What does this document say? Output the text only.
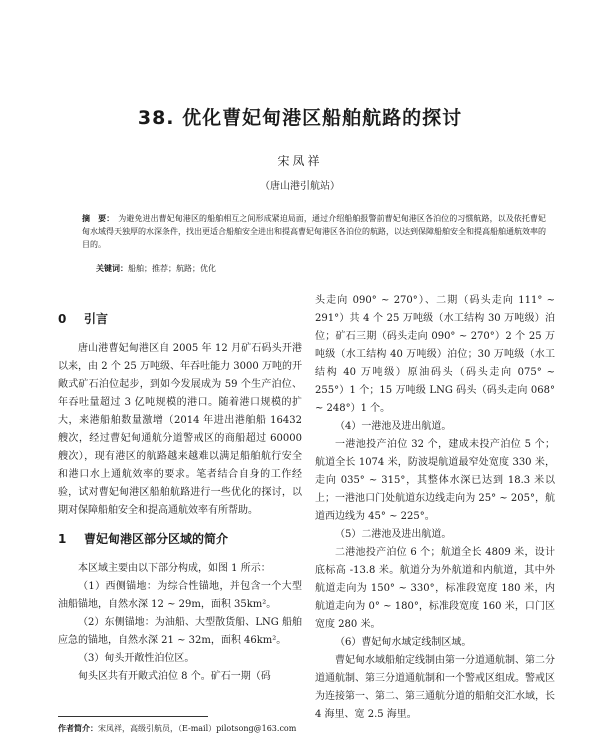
38. 优化曹妃甸港区船舶航路的探讨
宋凤祥
（唐山港引航站）
摘　要： 为避免进出曹妃甸港区的船舶相互之间形成紧迫局面，通过介绍船舶报警前曹妃甸港区各泊位的习惯航路，以及依托曹妃甸水域得天独厚的水深条件，找出更适合船舶安全进出和提高曹妃甸港区各泊位的航路，以达到保障船舶安全和提高船舶通航效率的目的。
关键词：船舶；推荐；航路；优化

0 引言

唐山港曹妃甸港区自 2005 年 12 月矿石码头开港以来，由 2 个 25 万吨级、年吞吐能力 3000 万吨的开敞式矿石泊位起步，到如今发展成为 59 个生产泊位、年吞吐量超过 3 亿吨规模的港口。随着港口规模的扩大，来港船舶数量激增（2014 年进出港舶船 16432 艘次，经过曹妃甸通航分道警戒区的商船超过 60000 艘次），现有港区的航路越来越难以满足船舶航行安全和港口水上通航效率的要求。笔者结合自身的工作经验，试对曹妃甸港区船舶航路进行一些优化的探讨，以期对保障船舶安全和提高通航效率有所帮助。

1 曹妃甸港区部分区域的简介

本区域主要由以下部分构成，如图 1 所示：

（1）西侧锚地：为综合性锚地，并包含一个大型油船锚地，自然水深 12 ~ 29m，面积 35km²。

（2）东侧锚地：为油船、大型散货船、LNG 船舶应急的锚地，自然水深 21 ~ 32m，面积 46km²。

（3）甸头开敞性泊位区。

甸头区共有开敞式泊位 8 个。矿石一期（码

头走向 090° ~ 270°）、二期（码头走向 111° ~ 291°）共 4 个 25 万吨级（水工结构 30 万吨级）泊位；矿石三期（码头走向 090° ~ 270°）2 个 25 万吨级（水工结构 40 万吨级）泊位；30 万吨级（水工结构 40 万吨级）原油码头（码头走向 075° ~ 255°）1 个；15 万吨级 LNG 码头（码头走向 068° ~ 248°）1 个。

（4）一港池及进出航道。

一港池投产泊位 32 个，建成未投产泊位 5 个；航道全长 1074 米，防波堤航道最窄处宽度 330 米，走向 035° ~ 315°，其整体水深已达到 18.3 米以上；一港池口门处航道东边线走向为 25° ~ 205°，航道西边线为 45° ~ 225°。

（5）二港池及进出航道。

二港池投产泊位 6 个；航道全长 4809 米，设计底标高 -13.8 米。航道分为外航道和内航道，其中外航道走向为 150° ~ 330°，标准段宽度 180 米，内航道走向为 0° ~ 180°，标准段宽度 160 米，口门区宽度 280 米。

（6）曹妃甸水域定线制区域。

曹妃甸水域船舶定线制由第一分道通航制、第二分道通航制、第三分道通航制和一个警戒区组成。警戒区为连接第一、第二、第三通航分道的船舶交汇水域，长 4 海里、宽 2.5 海里。

作者简介：宋凤祥，高级引航员，（E-mail）pilotsong@163.com
